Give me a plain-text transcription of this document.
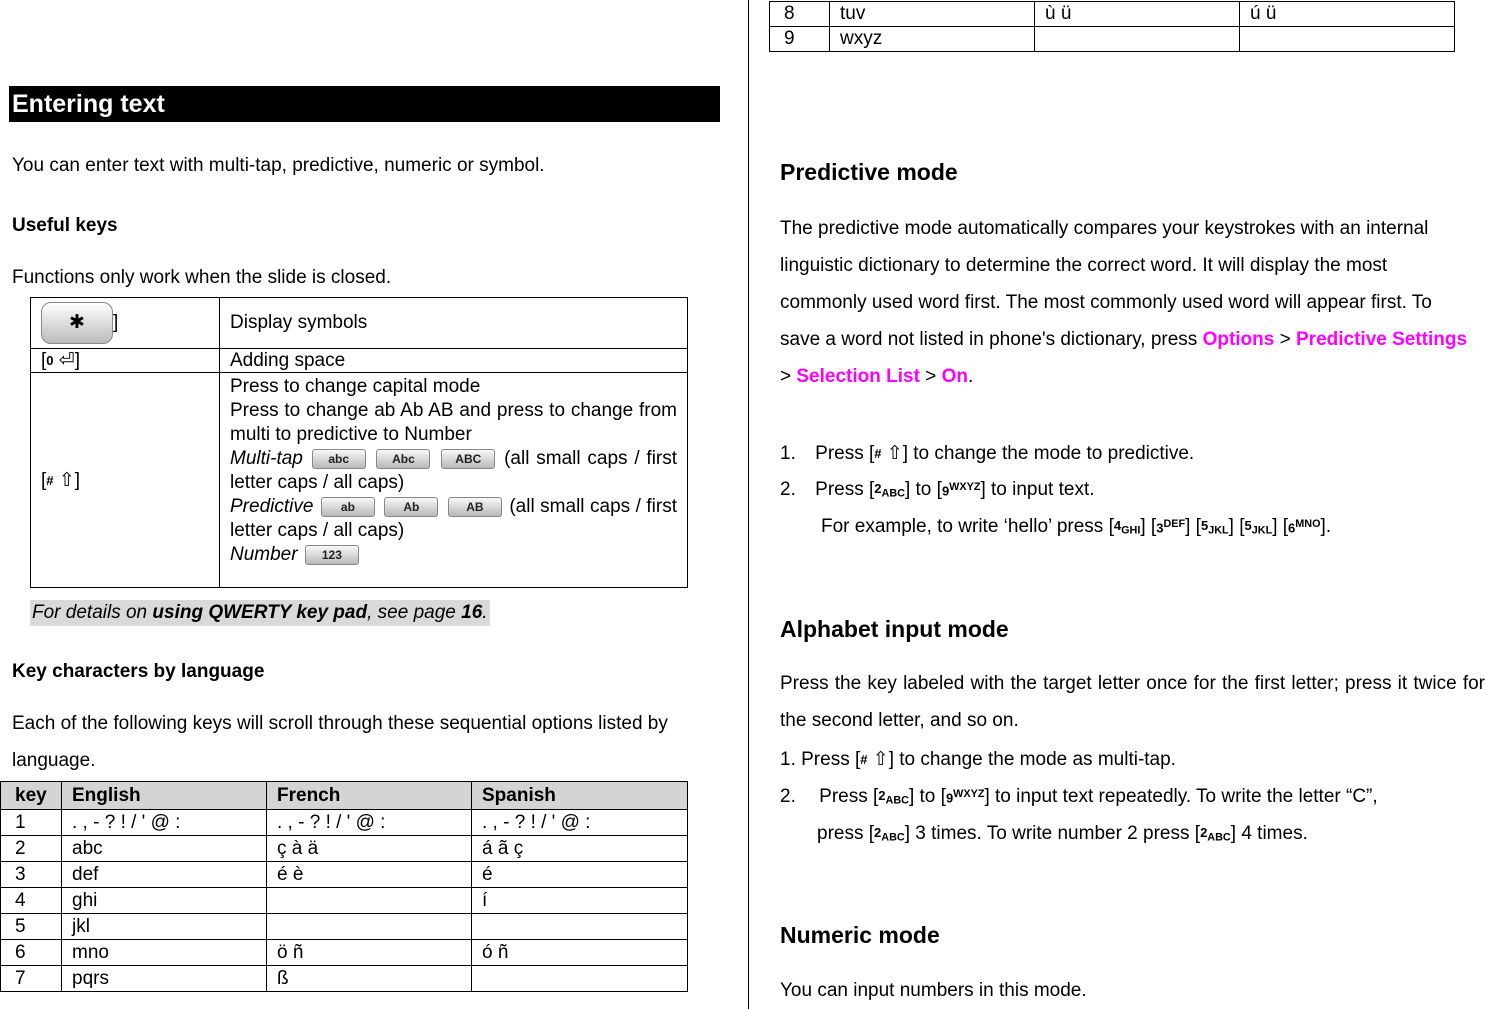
Entering text
You can enter text with multi-tap, predictive, numeric or symbol.
Useful keys
Functions only work when the slide is closed.
✱ ]	Display symbols
[0 ⏎]	Adding space
[# ⇧]	Press to change capital mode
Press to change ab Ab AB and press to change from multi to predictive to Number
Multi-tap abc Abc ABC (all small caps / first letter caps / all caps)
Predictive ab Ab AB (all small caps / first letter caps / all caps)
Number 123
For details on using QWERTY key pad, see page 16.
Key characters by language
Each of the following keys will scroll through these sequential options listed by language.
key	English	French	Spanish
1	. , - ? ! / ' @ :	. , - ? ! / ' @ :	. , - ? ! / ' @ :
2	abc	ç à ä	á ã ç
3	def	é è	é
4	ghi		í
5	jkl		
6	mno	ö ñ	ó ñ
7	pqrs	ß	
8	tuv	ù ü	ú ü
9	wxyz		
Predictive mode
The predictive mode automatically compares your keystrokes with an internal linguistic dictionary to determine the correct word. It will display the most commonly used word first. The most commonly used word will appear first. To save a word not listed in phone's dictionary, press Options > Predictive Settings > Selection List > On.
1. Press [# ⇧] to change the mode to predictive.
2. Press $[2_{ABC}]$ to $[9^{WXYZ}]$ to input text.
For example, to write ‘hello’ press $[4_{GHI}]$ $[3^{DEF}]$ $[5_{JKL}]$ $[5_{JKL}]$ $[6^{MNO}]$.
Alphabet input mode
Press the key labeled with the target letter once for the first letter; press it twice for the second letter, and so on.
1. Press [# ⇧] to change the mode as multi-tap.
2. Press $[2_{ABC}]$ to $[9^{WXYZ}]$ to input text repeatedly. To write the letter “C”,
press $[2_{ABC}]$ 3 times. To write number 2 press $[2_{ABC}]$ 4 times.
Numeric mode
You can input numbers in this mode.
